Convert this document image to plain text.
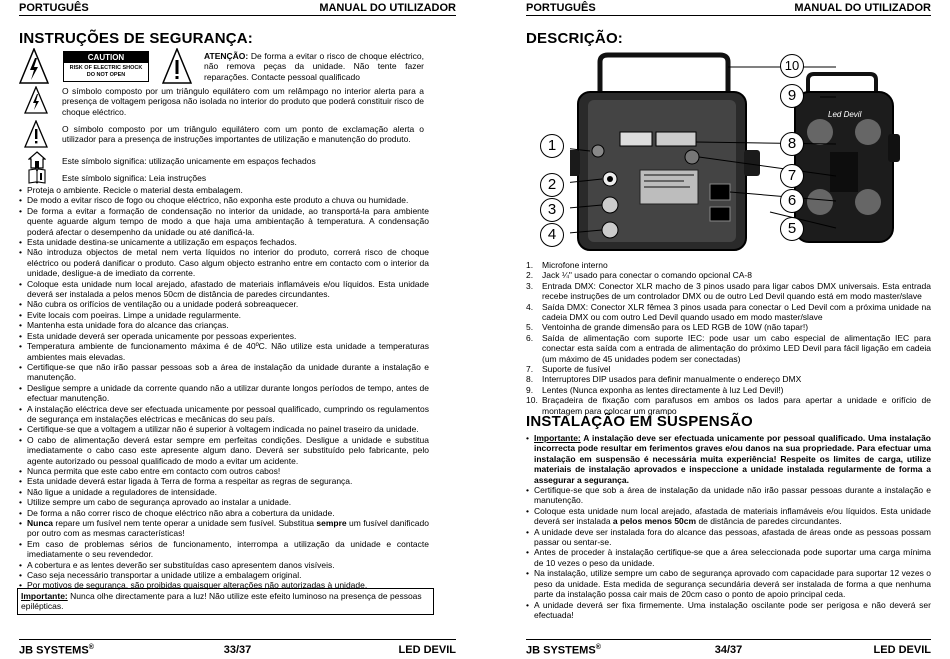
PORTUGUÊS	MANUAL DO UTILIZADOR
INSTRUÇÕES DE SEGURANÇA:
CAUTION
RISK OF ELECTRIC SHOCK
DO NOT OPEN
ATENÇÃO: De forma a evitar o risco de choque eléctrico, não remova peças da unidade. Não tente fazer reparações. Contacte pessoal qualificado
O símbolo composto por um triângulo equilátero com um relâmpago no interior alerta para a presença de voltagem perigosa não isolada no interior do produto que poderá constituir risco de choque eléctrico.
O símbolo composto por um triângulo equilátero com um ponto de exclamação alerta o utilizador para a presença de instruções importantes de utilização e manutenção do produto.
Este símbolo significa: utilização unicamente em espaços fechados
Este símbolo significa: Leia instruções
• Proteja o ambiente. Recicle o material desta embalagem.
• De modo a evitar risco de fogo ou choque eléctrico, não exponha este produto a chuva ou humidade.
• De forma a evitar a formação de condensação no interior da unidade, ao transportá-la para ambiente quente aguarde algum tempo de modo a que haja uma ambientação à temperatura. A condensação poderá afectar o desempenho da unidade ou até danificá-la.
• Esta unidade destina-se unicamente a utilização em espaços fechados.
• Não introduza objectos de metal nem verta líquidos no interior do produto, correrá risco de choque eléctrico ou poderá danificar o produto. Caso algum objecto estranho entre em contacto com o interior da unidade, desligue-a de imediato da corrente.
• Coloque esta unidade num local arejado, afastado de materiais inflamáveis e/ou líquidos. Esta unidade deverá ser instalada a pelos menos 50cm de distância de paredes circundantes.
• Não cubra os orifícios de ventilação ou a unidade poderá sobreaquecer.
• Evite locais com poeiras. Limpe a unidade regularmente.
• Mantenha esta unidade fora do alcance das crianças.
• Esta unidade deverá ser operada unicamente por pessoas experientes.
• Temperatura ambiente de funcionamento máxima é de 40ºC. Não utilize esta unidade a temperaturas ambientes mais elevadas.
• Certifique-se que não irão passar pessoas sob a área de instalação da unidade durante a instalação e manutenção.
• Desligue sempre a unidade da corrente quando não a utilizar durante longos períodos de tempo, antes de efectuar manutenção.
• A instalação eléctrica deve ser efectuada unicamente por pessoal qualificado, cumprindo os regulamentos de segurança em instalações eléctricas e mecânicas do seu país.
• Certifique-se que a voltagem a utilizar não é superior à voltagem indicada no painel traseiro da unidade.
• O cabo de alimentação deverá estar sempre em perfeitas condições. Desligue a unidade e substitua imediatamente o cabo caso este apresente algum dano. Deverá ser substituído pelo fabricante, pelo agente autorizado ou pessoal qualificado de modo a evitar um acidente.
• Nunca permita que este cabo entre em contacto com outros cabos!
• Esta unidade deverá estar ligada à Terra de forma a respeitar as regras de segurança.
• Não ligue a unidade a reguladores de intensidade.
• Utilize sempre um cabo de segurança aprovado ao instalar a unidade.
• De forma a não correr risco de choque eléctrico não abra a cobertura da unidade.
• Nunca repare um fusível nem tente operar a unidade sem fusível. Substitua sempre um fusível danificado por outro com as mesmas características!
• Em caso de problemas sérios de funcionamento, interrompa a utilização da unidade e contacte imediatamente o seu revendedor.
• A cobertura e as lentes deverão ser substituídas caso apresentem danos visíveis.
• Caso seja necessário transportar a unidade utilize a embalagem original.
• Por motivos de segurança, são proibidas quaisquer alterações não autorizadas à unidade.
Importante: Nunca olhe directamente para a luz! Não utilize este efeito luminoso na presença de pessoas epilépticas.
JB SYSTEMS®	33/37	LED DEVIL
PORTUGUÊS	MANUAL DO UTILIZADOR
DESCRIÇÃO:
Led Devil
1
2
3
4	5
6
7
8
9
10
1. Microfone interno
2. Jack ¼" usado para conectar o comando opcional CA-8
3. Entrada DMX: Conector XLR macho de 3 pinos usado para ligar cabos DMX universais. Esta entrada recebe instruções de um controlador DMX ou de outro Led Devil quando está em modo master/slave
4. Saída DMX: Conector XLR fêmea 3 pinos usada para conectar o Led Devil com a próxima unidade na cadeia DMX ou com outro Led Devil quando usado em modo master/slave
5. Ventoinha de grande dimensão para os LED RGB de 10W (não tapar!)
6. Saída de alimentação com suporte IEC: pode usar um cabo especial de alimentação IEC para conectar esta saída com a entrada de alimentação do próximo LED Devil para fácil ligação em cadeia (um máximo de 45 unidades podem ser conectadas)
7. Suporte de fusível
8. Interruptores DIP usados para definir manualmente o endereço DMX
9. Lentes (Nunca exponha as lentes directamente à luz Led Devil!)
10. Braçadeira de fixação com parafusos em ambos os lados para apertar a unidade e orifício de montagem para colocar um grampo
INSTALAÇÃO EM SUSPENSÃO
• Importante: A instalação deve ser efectuada unicamente por pessoal qualificado. Uma instalação incorrecta pode resultar em ferimentos graves e/ou danos na sua propriedade. Para efectuar uma instalação em suspensão é necessária muita experiência! Respeite os limites de carga, utilize materiais de instalação aprovados e inspeccione a unidade instalada regularmente de forma a assegurar a segurança.
• Certifique-se que sob a área de instalação da unidade não irão passar pessoas durante a instalação e manutenção.
• Coloque esta unidade num local arejado, afastada de materiais inflamáveis e/ou líquidos. Esta unidade deverá ser instalada a pelos menos 50cm de distância de paredes circundantes.
• A unidade deve ser instalada fora do alcance das pessoas, afastada de áreas onde as pessoas possam passar ou sentar-se.
• Antes de proceder à instalação certifique-se que a área seleccionada pode suportar uma carga mínima de 10 vezes o peso da unidade.
• Na instalação, utilize sempre um cabo de segurança aprovado com capacidade para suportar 12 vezes o peso da unidade. Esta medida de segurança secundária deverá ser instalada de forma a que nenhuma parte da instalação possa cair mais de 20cm caso o ponto de apoio principal ceda.
• A unidade deverá ser fixa firmemente. Uma instalação oscilante pode ser perigosa e não deverá ser efectuada!
JB SYSTEMS®	34/37	LED DEVIL
